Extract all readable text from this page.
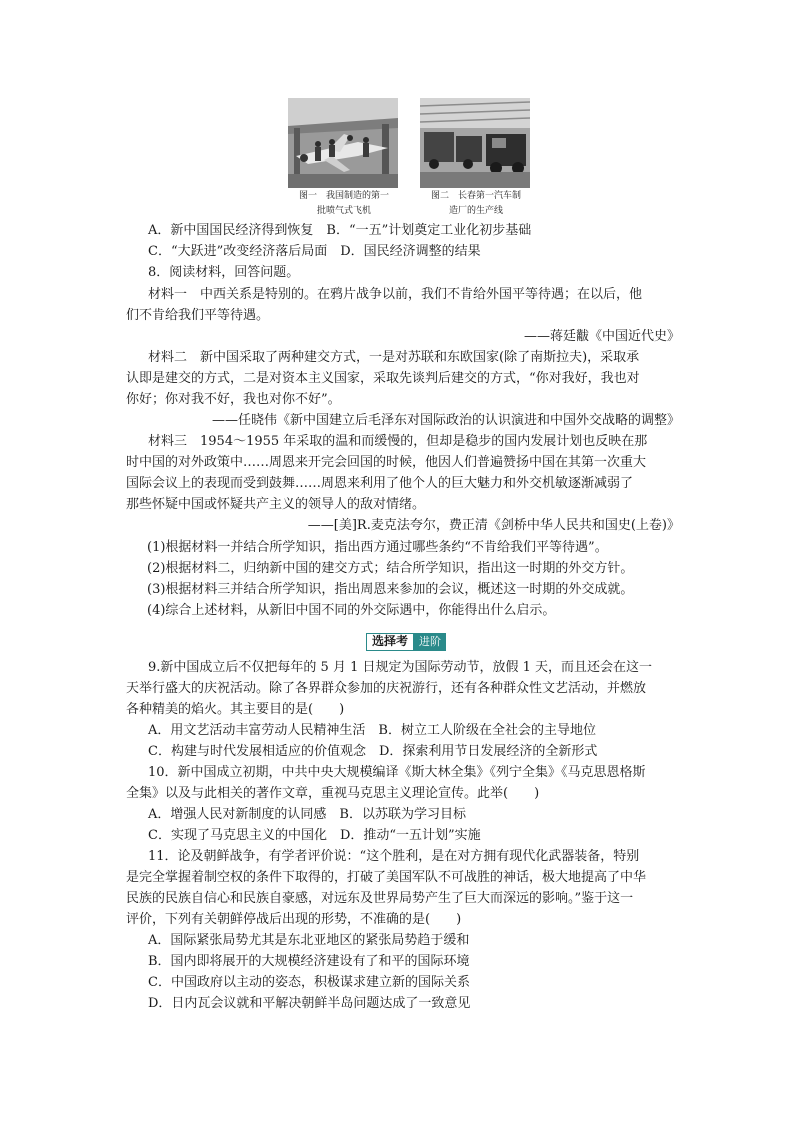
图一　我国制造的第一
批喷气式飞机
图二　长春第一汽车制
造厂的生产线
A．新中国国民经济得到恢复　B．“一五”计划奠定工业化初步基础
C．“大跃进”改变经济落后局面　D．国民经济调整的结果
8．阅读材料，回答问题。
材料一　中西关系是特别的。在鸦片战争以前，我们不肯给外国平等待遇；在以后，他
们不肯给我们平等待遇。
——蒋廷黻《中国近代史》
材料二　新中国采取了两种建交方式，一是对苏联和东欧国家(除了南斯拉夫)，采取承
认即是建交的方式，二是对资本主义国家，采取先谈判后建交的方式，“你对我好，我也对
你好；你对我不好，我也对你不好”。
——任晓伟《新中国建立后毛泽东对国际政治的认识演进和中国外交战略的调整》
材料三　1954～1955 年采取的温和而缓慢的，但却是稳步的国内发展计划也反映在那
时中国的对外政策中……周恩来开完会回国的时候，他因人们普遍赞扬中国在其第一次重大
国际会议上的表现而受到鼓舞……周恩来利用了他个人的巨大魅力和外交机敏逐渐减弱了
那些怀疑中国或怀疑共产主义的领导人的敌对情绪。
——[美]R.麦克法夸尔，费正清《剑桥中华人民共和国史(上卷)》
(1)根据材料一并结合所学知识，指出西方通过哪些条约“不肯给我们平等待遇”。
(2)根据材料二，归纳新中国的建交方式；结合所学知识，指出这一时期的外交方针。
(3)根据材料三并结合所学知识，指出周恩来参加的会议，概述这一时期的外交成就。
(4)综合上述材料，从新旧中国不同的外交际遇中，你能得出什么启示。
选择考	进阶
9.新中国成立后不仅把每年的 5 月 1 日规定为国际劳动节，放假 1 天，而且还会在这一
天举行盛大的庆祝活动。除了各界群众参加的庆祝游行，还有各种群众性文艺活动，并燃放
各种精美的焰火。其主要目的是(　　)
A．用文艺活动丰富劳动人民精神生活　B．树立工人阶级在全社会的主导地位
C．构建与时代发展相适应的价值观念　D．探索利用节日发展经济的全新形式
10．新中国成立初期，中共中央大规模编译《斯大林全集》《列宁全集》《马克思恩格斯
全集》以及与此相关的著作文章，重视马克思主义理论宣传。此举(　　)
A．增强人民对新制度的认同感　B．以苏联为学习目标
C．实现了马克思主义的中国化　D．推动“一五计划”实施
11．论及朝鲜战争，有学者评价说：“这个胜利，是在对方拥有现代化武器装备，特别
是完全掌握着制空权的条件下取得的，打破了美国军队不可战胜的神话，极大地提高了中华
民族的民族自信心和民族自豪感，对远东及世界局势产生了巨大而深远的影响。”鉴于这一
评价，下列有关朝鲜停战后出现的形势，不准确的是(　　)
A．国际紧张局势尤其是东北亚地区的紧张局势趋于缓和
B．国内即将展开的大规模经济建设有了和平的国际环境
C．中国政府以主动的姿态，积极谋求建立新的国际关系
D．日内瓦会议就和平解决朝鲜半岛问题达成了一致意见
